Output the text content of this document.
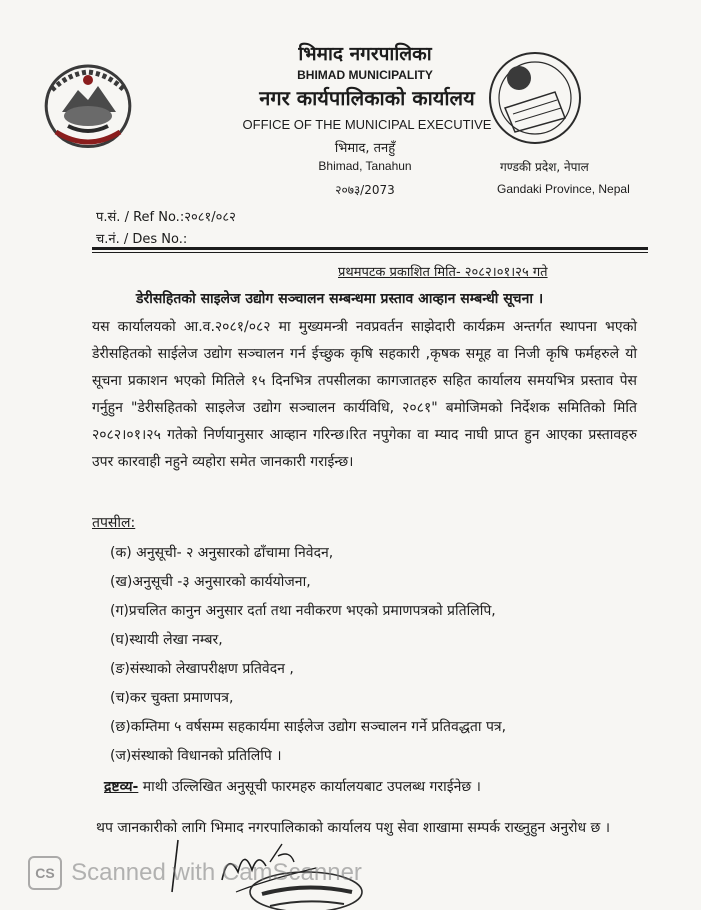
भिमाद नगरपालिका
BHIMAD MUNICIPALITY
नगर कार्यपालिकाको कार्यालय
OFFICE OF THE MUNICIPAL EXECUTIVE
भिमाद, तनहुँ
Bhimad, Tanahun
२०७३/2073
गण्डकी प्रदेश, नेपाल
Gandaki Province, Nepal
प.सं. / Ref No.:२०८१/०८२
च.नं. / Des No.:
प्रथमपटक प्रकाशित मिति- २०८२।०१।२५ गते
डेरीसहितको साइलेज उद्योग सञ्चालन सम्बन्धमा प्रस्ताव आव्हान सम्बन्धी सूचना ।
यस कार्यालयको आ.व.२०८१/०८२ मा मुख्यमन्त्री नवप्रवर्तन साझेदारी कार्यक्रम अन्तर्गत स्थापना भएको डेरीसहितको साईलेज उद्योग सञ्चालन गर्न ईच्छुक कृषि सहकारी ,कृषक समूह वा निजी कृषि फर्महरुले यो सूचना प्रकाशन भएको मितिले १५ दिनभित्र तपसीलका कागजातहरु सहित कार्यालय समयभित्र प्रस्ताव पेस गर्नुहुन "डेरीसहितको साइलेज उद्योग सञ्चालन कार्यविधि, २०८१" बमोजिमको निर्देशक समितिको मिति २०८२।०१।२५ गतेको निर्णयानुसार आव्हान गरिन्छ।रित नपुगेका वा म्याद नाघी प्राप्त हुन आएका प्रस्तावहरु उपर कारवाही नहुने व्यहोरा समेत जानकारी गराईन्छ।
तपसील:
(क) अनुसूची- २ अनुसारको ढाँचामा निवेदन,
(ख)अनुसूची -३ अनुसारको कार्ययोजना,
(ग)प्रचलित कानुन अनुसार दर्ता तथा नवीकरण भएको प्रमाणपत्रको प्रतिलिपि,
(घ)स्थायी लेखा नम्बर,
(ङ)संस्थाको लेखापरीक्षण प्रतिवेदन ,
(च)कर चुक्ता प्रमाणपत्र,
(छ)कम्तिमा ५ वर्षसम्म सहकार्यमा साईलेज उद्योग सञ्चालन गर्ने प्रतिवद्धता पत्र,
(ज)संस्थाको विधानको प्रतिलिपि ।
द्रष्टव्य- माथी उल्लिखित अनुसूची फारमहरु कार्यालयबाट उपलब्ध गराईनेछ ।
थप जानकारीको लागि भिमाद नगरपालिकाको कार्यालय पशु सेवा शाखामा सम्पर्क राख्नुहुन अनुरोध छ ।
CS Scanned with CamScanner
